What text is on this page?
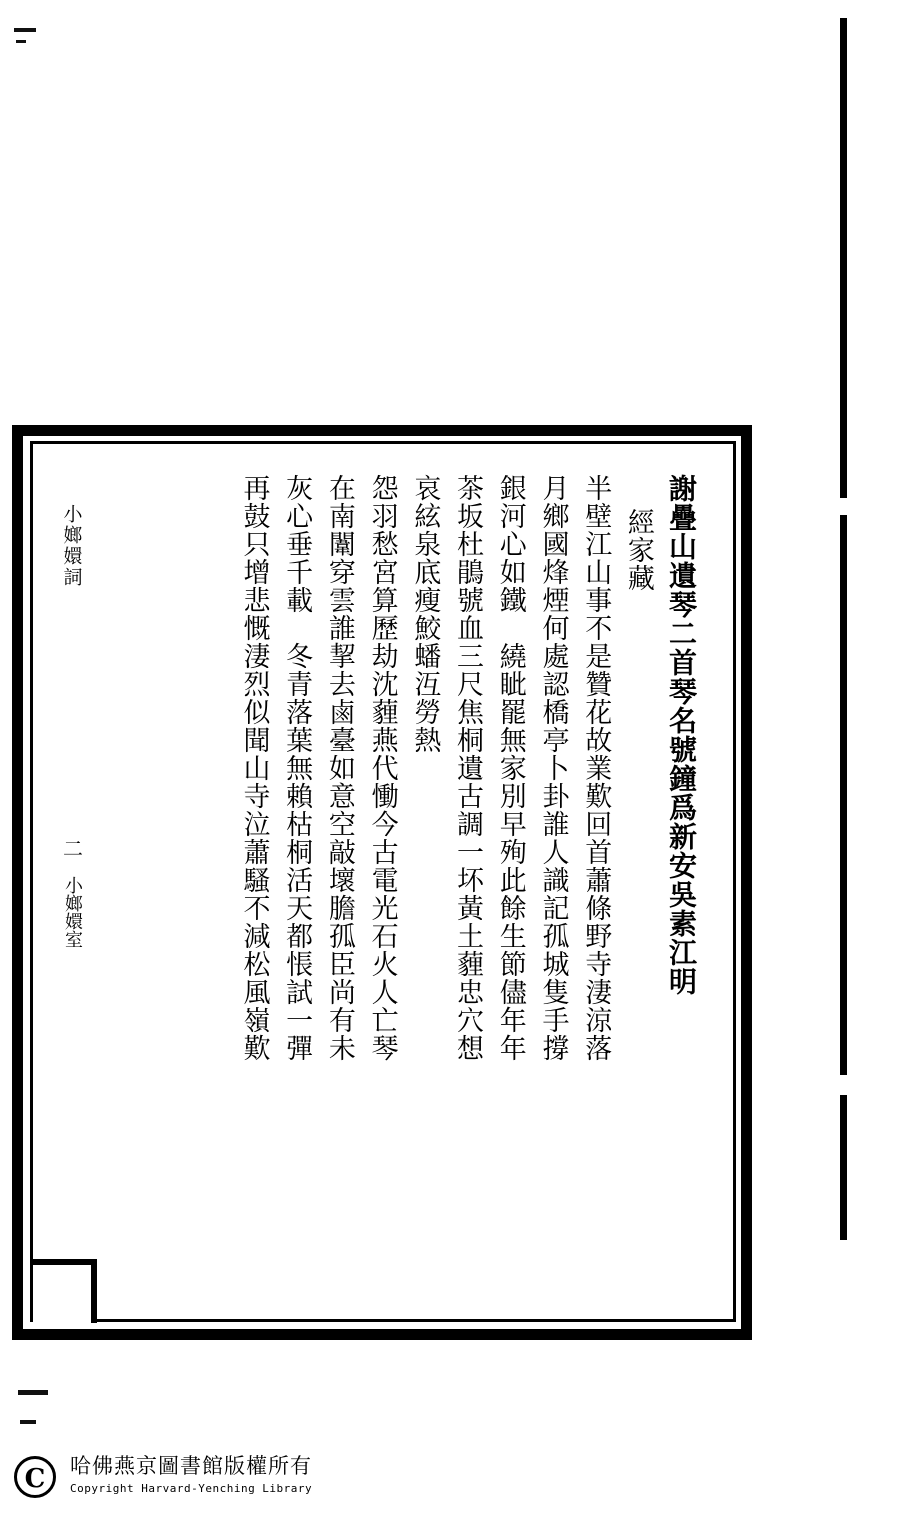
謝疊山遺琴二首琴名號鐘爲新安吳素江明
經家藏
半壁江山事不是贊花故業歎回首蕭條野寺淒涼落
月鄉國烽煙何處認橋亭卜卦誰人識記孤城隻手撐
銀河心如鐵　繞眦罷無家別早殉此餘生節儘年年
茶坂杜鵑號血三尺焦桐遺古調一坏黃土薶忠穴想
哀絃泉底瘦鮫蟠沍勞熱
怨羽愁宮算歷劫沈薶燕代慟今古電光石火人亡琴
在南闈穿雲誰挈去鹵臺如意空敲壞膽孤臣尚有未
灰心垂千載　冬青落葉無賴枯桐活天都悵試一彈
再鼓只增悲慨淒烈似聞山寺泣蕭騷不減松風嶺歎
小嫏嬛詞
二
小嫏嬛室
C	哈佛燕京圖書館版權所有
Copyright Harvard-Yenching Library
